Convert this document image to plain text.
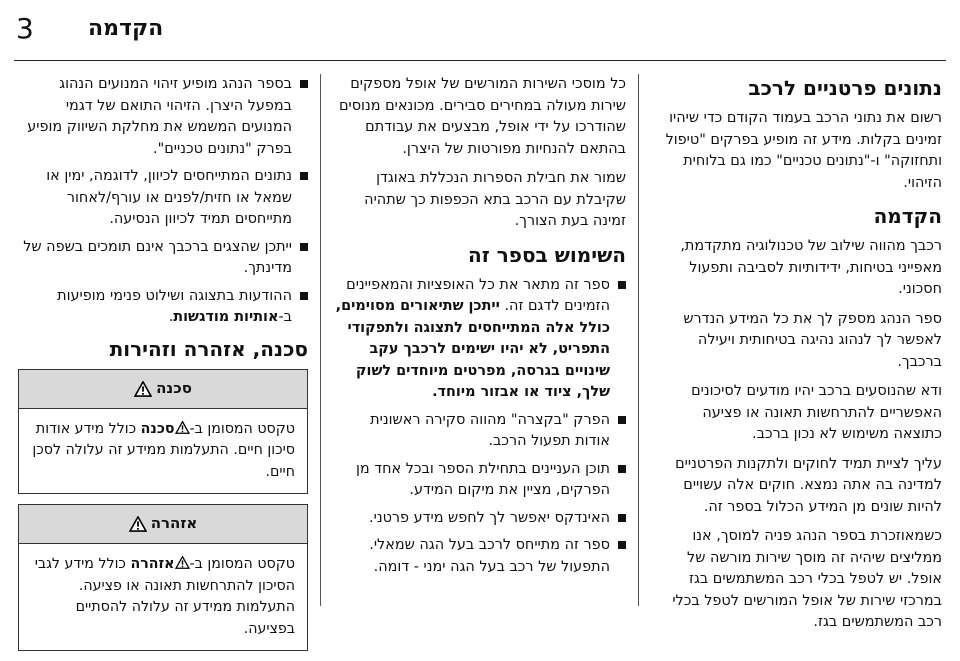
3 הקדמה
נתונים פרטניים לרכב

רשום את נתוני הרכב בעמוד הקודם כדי שיהיו זמינים בקלות. מידע זה מופיע בפרקים "טיפול ותחזוקה" ו-"נתונים טכניים" כמו גם בלוחית הזיהוי.

הקדמה

רכבך מהווה שילוב של טכנולוגיה מתקדמת, מאפייני בטיחות, ידידותיות לסביבה ותפעול חסכוני.

ספר הנהג מספק לך את כל המידע הנדרש לאפשר לך לנהוג נהיגה בטיחותית ויעילה ברכבך.

ודא שהנוסעים ברכב יהיו מודעים לסיכונים האפשריים להתרחשות תאונה או פציעה כתוצאה משימוש לא נכון ברכב.

עליך לציית תמיד לחוקים ולתקנות הפרטניים למדינה בה אתה נמצא. חוקים אלה עשויים להיות שונים מן המידע הכלול בספר זה.

כשמאוזכרת בספר הנהג פניה למוסך, אנו ממליצים שיהיה זה מוסך שירות מורשה של אופל. יש לטפל בכלי רכב המשתמשים בגז במרכזי שירות של אופל המורשים לטפל בכלי רכב המשתמשים בגז.

כל מוסכי השירות המורשים של אופל מספקים שירות מעולה במחירים סבירים. מכונאים מנוסים שהודרכו על ידי אופל, מבצעים את עבודתם בהתאם להנחיות מפורטות של היצרן.

שמור את חבילת הספרות הנכללת באוגדן שקיבלת עם הרכב בתא הכפפות כך שתהיה זמינה בעת הצורך.

השימוש בספר זה
ספר זה מתאר את כל האופציות והמאפיינים הזמינים לדגם זה. ייתכן שתיאורים מסוימים, כולל אלה המתייחסים לתצוגה ולתפקודי התפריט, לא יהיו ישימים לרכבך עקב שינויים בגרסה, מפרטים מיוחדים לשוק שלך, ציוד או אבזור מיוחד.
הפרק "בקצרה" מהווה סקירה ראשונית אודות תפעול הרכב.
תוכן העניינים בתחילת הספר ובכל אחד מן הפרקים, מציין את מיקום המידע.
האינדקס יאפשר לך לחפש מידע פרטני.
ספר זה מתייחס לרכב בעל הגה שמאלי. התפעול של רכב בעל הגה ימני - דומה.
בספר הנהג מופיע זיהוי המנועים הנהוג במפעל היצרן. הזיהוי התואם של דגמי המנועים המשמש את מחלקת השיווק מופיע בפרק "נתונים טכניים".
נתונים המתייחסים לכיוון, לדוגמה, ימין או שמאל או חזית/לפנים או עורף/לאחור מתייחסים תמיד לכיוון הנסיעה.
ייתכן שהצגים ברכבך אינם תומכים בשפה של מדינתך.
ההודעות בתצוגה ושילוט פנימי מופיעות ב-אותיות מודגשות.
סכנה, אזהרה וזהירות
סכנה
טקסט המסומן ב-סכנה כולל מידע אודות סיכון חיים. התעלמות ממידע זה עלולה לסכן חיים.
אזהרה
טקסט המסומן ב-אזהרה כולל מידע לגבי הסיכון להתרחשות תאונה או פציעה. התעלמות ממידע זה עלולה להסתיים בפציעה.
